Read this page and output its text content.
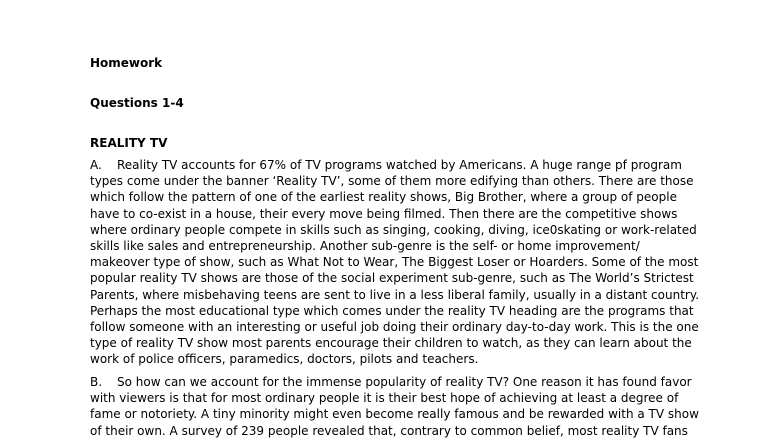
Homework

Questions 1-4

REALITY TV

A. Reality TV accounts for 67% of TV programs watched by Americans. A huge range pf program
types come under the banner ‘Reality TV’, some of them more edifying than others. There are those
which follow the pattern of one of the earliest reality shows, Big Brother, where a group of people
have to co-exist in a house, their every move being filmed. Then there are the competitive shows
where ordinary people compete in skills such as singing, cooking, diving, ice0skating or work-related
skills like sales and entrepreneurship. Another sub-genre is the self- or home improvement/
makeover type of show, such as What Not to Wear, The Biggest Loser or Hoarders. Some of the most
popular reality TV shows are those of the social experiment sub-genre, such as The World’s Strictest
Parents, where misbehaving teens are sent to live in a less liberal family, usually in a distant country.
Perhaps the most educational type which comes under the reality TV heading are the programs that
follow someone with an interesting or useful job doing their ordinary day-to-day work. This is the one
type of reality TV show most parents encourage their children to watch, as they can learn about the
work of police officers, paramedics, doctors, pilots and teachers.
B. So how can we account for the immense popularity of reality TV? One reason it has found favor
with viewers is that for most ordinary people it is their best hope of achieving at least a degree of
fame or notoriety. A tiny minority might even become really famous and be rewarded with a TV show
of their own. A survey of 239 people revealed that, contrary to common belief, most reality TV fans
